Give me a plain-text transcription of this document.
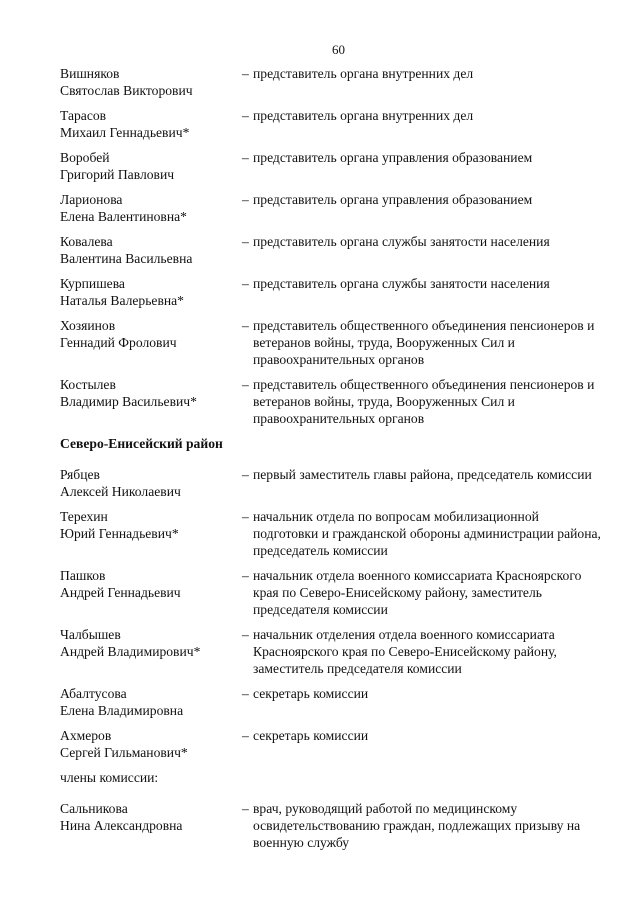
60
Вишняков
Святослав Викторович
– представитель органа внутренних дел
Тарасов
Михаил Геннадьевич*
– представитель органа внутренних дел
Воробей
Григорий Павлович
– представитель органа управления образованием
Ларионова
Елена Валентиновна*
– представитель органа управления образованием
Ковалева
Валентина Васильевна
– представитель органа службы занятости населения
Курпишева
Наталья Валерьевна*
– представитель органа службы занятости населения
Хозяинов
Геннадий Фролович
– представитель общественного объединения пенсионеров и ветеранов войны, труда, Вооруженных Сил и правоохранительных органов
Костылев
Владимир Васильевич*
– представитель общественного объединения пенсионеров и ветеранов войны, труда, Вооруженных Сил и правоохранительных органов
Северо-Енисейский район
Рябцев
Алексей Николаевич
– первый заместитель главы района, председатель комиссии
Терехин
Юрий Геннадьевич*
– начальник отдела по вопросам мобилизационной подготовки и гражданской обороны администрации района, председатель комиссии
Пашков
Андрей Геннадьевич
– начальник отдела военного комиссариата Красноярского края по Северо-Енисейскому району, заместитель председателя комиссии
Чалбышев
Андрей Владимирович*
– начальник отделения отдела военного комиссариата Красноярского края по Северо-Енисейскому району, заместитель председателя комиссии
Абалтусова
Елена Владимировна
– секретарь комиссии
Ахмеров
Сергей Гильманович*
– секретарь комиссии
члены комиссии:
Сальникова
Нина Александровна
– врач, руководящий работой по медицинскому освидетельствованию граждан, подлежащих призыву на военную службу
